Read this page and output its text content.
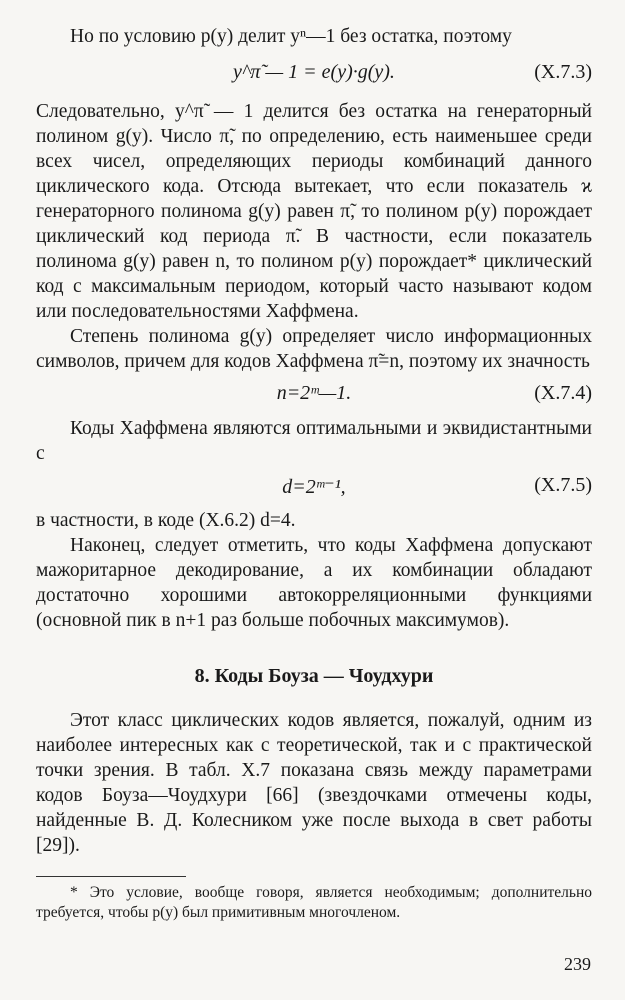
Но по условию p(y) делит yⁿ—1 без остатка, поэтому

y^π̃ — 1 = e(y)·g(y).	(X.7.3)

Следовательно, y^π̃ — 1 делится без остатка на генераторный полином g(y). Число π̃, по определению, есть наименьшее среди всех чисел, определяющих периоды комбинаций данного циклического кода. Отсюда вытекает, что если показатель ϰ генераторного полинома g(y) равен π̃, то полином p(y) порождает циклический код периода π̃. В частности, если показатель полинома g(y) равен n, то полином p(y) порождает* циклический код с максимальным периодом, который часто называют кодом или последовательностями Хаффмена.

Степень полинома g(y) определяет число информационных символов, причем для кодов Хаффмена π̃=n, поэтому их значность

n=2ᵐ—1.	(X.7.4)

Коды Хаффмена являются оптимальными и эквидистантными с

d=2ᵐ⁻¹,	(X.7.5)

в частности, в коде (X.6.2) d=4.

Наконец, следует отметить, что коды Хаффмена допускают мажоритарное декодирование, а их комбинации обладают достаточно хорошими автокорреляционными функциями (основной пик в n+1 раз больше побочных максимумов).

8. Коды Боуза — Чоудхури

Этот класс циклических кодов является, пожалуй, одним из наиболее интересных как с теоретической, так и с практической точки зрения. В табл. X.7 показана связь между параметрами кодов Боуза—Чоудхури [66] (звездочками отмечены коды, найденные В. Д. Колесником уже после выхода в свет работы [29]).

* Это условие, вообще говоря, является необходимым; дополнительно требуется, чтобы p(y) был примитивным многочленом.
239
